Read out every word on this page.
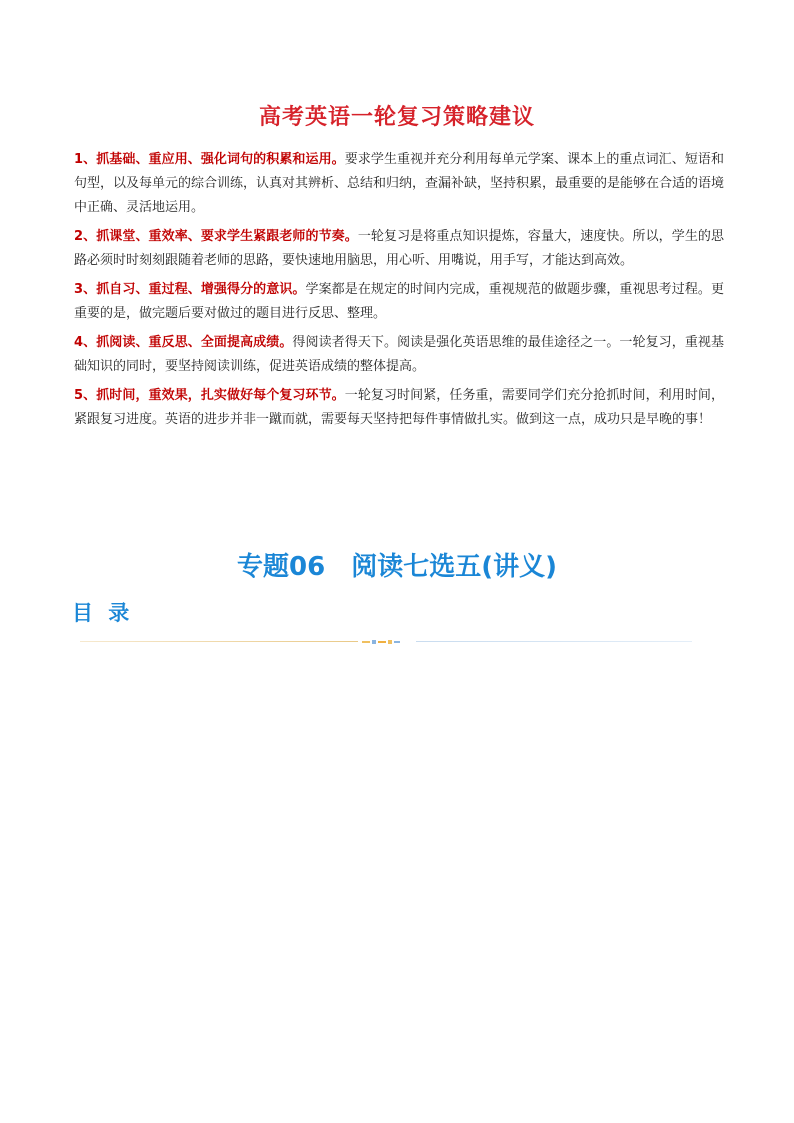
高考英语一轮复习策略建议

1、抓基础、重应用、强化词句的积累和运用。要求学生重视并充分利用每单元学案、课本上的重点词汇、短语和句型，以及每单元的综合训练，认真对其辨析、总结和归纳，查漏补缺，坚持积累，最重要的是能够在合适的语境中正确、灵活地运用。

2、抓课堂、重效率、要求学生紧跟老师的节奏。一轮复习是将重点知识提炼，容量大，速度快。所以，学生的思路必须时时刻刻跟随着老师的思路，要快速地用脑思，用心听、用嘴说，用手写，才能达到高效。

3、抓自习、重过程、增强得分的意识。学案都是在规定的时间内完成，重视规范的做题步骤，重视思考过程。更重要的是，做完题后要对做过的题目进行反思、整理。

4、抓阅读、重反思、全面提高成绩。得阅读者得天下。阅读是强化英语思维的最佳途径之一。一轮复习，重视基础知识的同时，要坚持阅读训练，促进英语成绩的整体提高。

5、抓时间，重效果，扎实做好每个复习环节。一轮复习时间紧，任务重，需要同学们充分抢抓时间，利用时间，紧跟复习进度。英语的进步并非一蹴而就，需要每天坚持把每件事情做扎实。做到这一点，成功只是早晚的事！

专题06　阅读七选五(讲义)
目 录
